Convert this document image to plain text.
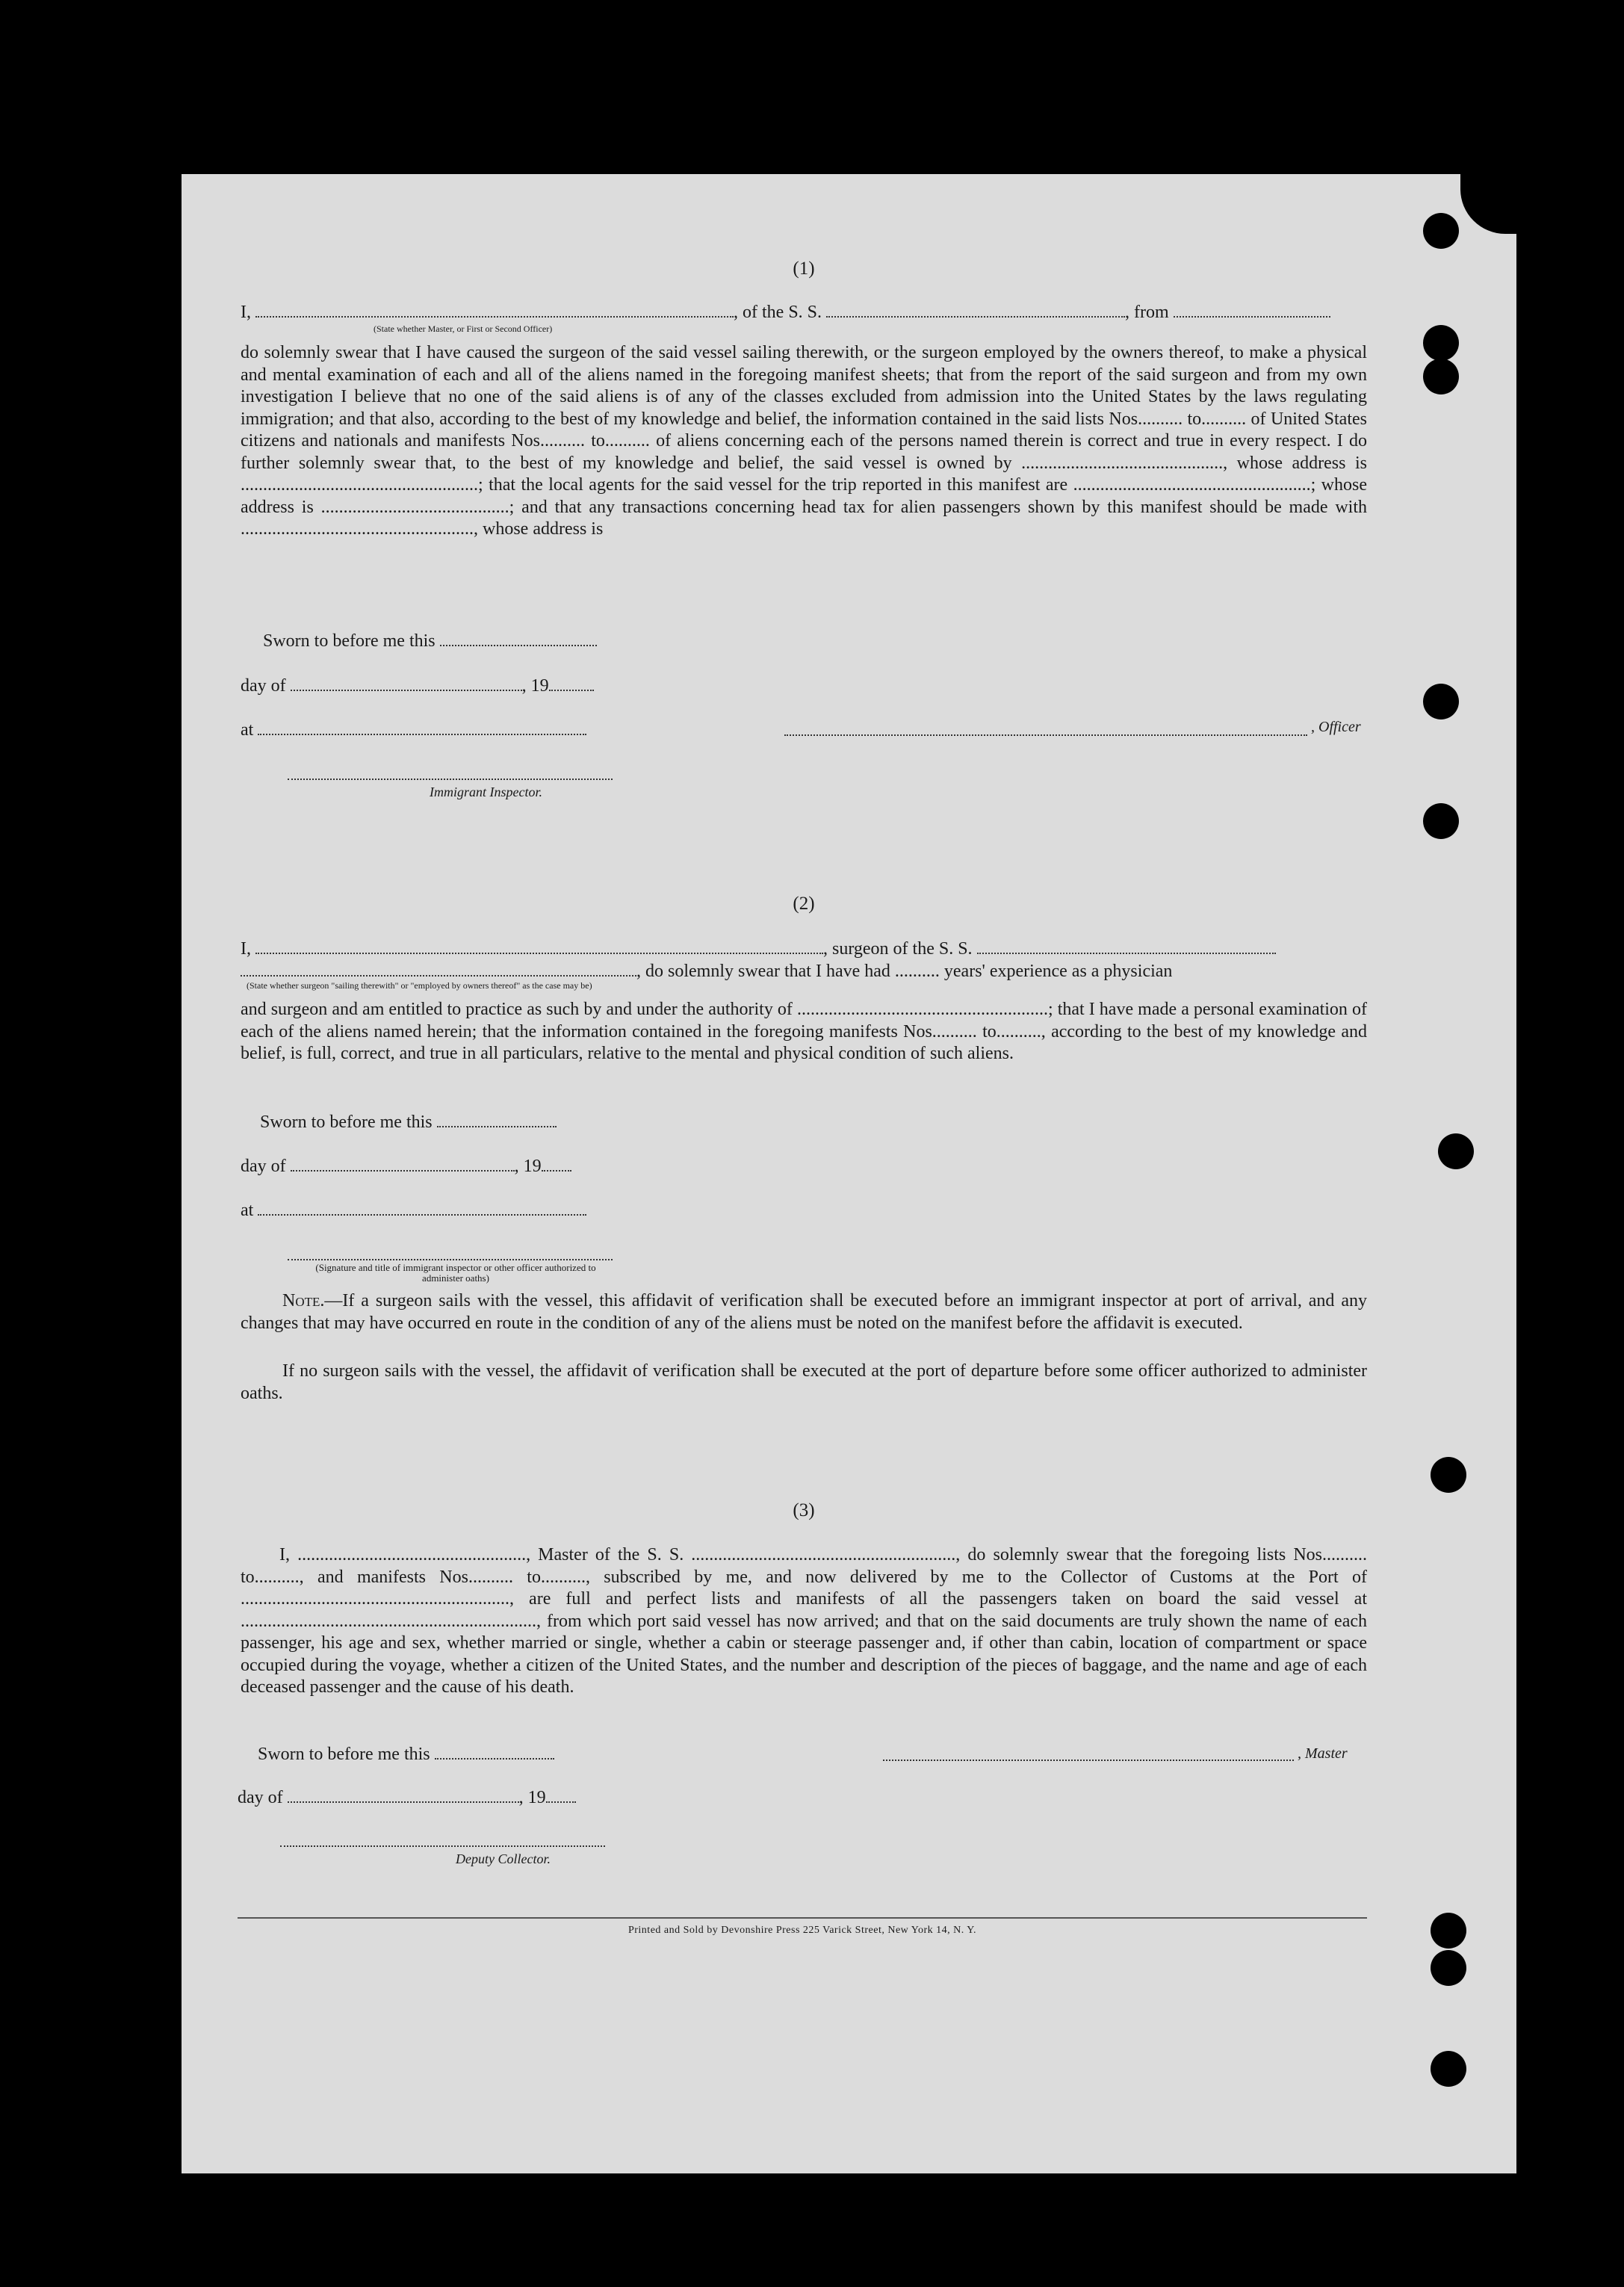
(1)
I,	, of the S. S.	, from
(State whether Master, or First or Second Officer)
do solemnly swear that I have caused the surgeon of the said vessel sailing therewith, or the surgeon employed by the owners thereof, to make a physical and mental examination of each and all of the aliens named in the foregoing manifest sheets; that from the report of the said surgeon and from my own investigation I believe that no one of the said aliens is of any of the classes excluded from admission into the United States by the laws regulating immigration; and that also, according to the best of my knowledge and belief, the information contained in the said lists Nos.......... to.......... of United States citizens and nationals and manifests Nos.......... to.......... of aliens concerning each of the persons named therein is correct and true in every respect. I do further solemnly swear that, to the best of my knowledge and belief, the said vessel is owned by ............................................., whose address is .....................................................; that the local agents for the said vessel for the trip reported in this manifest are .....................................................; whose address is ..........................................; and that any transactions concerning head tax for alien passengers shown by this manifest should be made with ...................................................., whose address is
Sworn to before me this
day of	, 19
at	, Officer
Immigrant Inspector.
(2)
I,	, surgeon of the S. S.
, do solemnly swear that I have had .......... years' experience as a physician
(State whether surgeon "sailing therewith" or "employed by owners thereof" as the case may be)
and surgeon and am entitled to practice as such by and under the authority of ........................................................; that I have made a personal examination of each of the aliens named herein; that the information contained in the foregoing manifests Nos.......... to.........., according to the best of my knowledge and belief, is full, correct, and true in all particulars, relative to the mental and physical condition of such aliens.
Sworn to before me this
day of	, 19
at
(Signature and title of immigrant inspector or other officer authorized to administer oaths)
Note.—If a surgeon sails with the vessel, this affidavit of verification shall be executed before an immigrant inspector at port of arrival, and any changes that may have occurred en route in the condition of any of the aliens must be noted on the manifest before the affidavit is executed.
If no surgeon sails with the vessel, the affidavit of verification shall be executed at the port of departure before some officer authorized to administer oaths.
(3)
I, ..................................................., Master of the S. S. ..........................................................., do solemnly swear that the foregoing lists Nos.......... to.........., and manifests Nos.......... to.........., subscribed by me, and now delivered by me to the Collector of Customs at the Port of ............................................................, are full and perfect lists and manifests of all the passengers taken on board the said vessel at .................................................................., from which port said vessel has now arrived; and that on the said documents are truly shown the name of each passenger, his age and sex, whether married or single, whether a cabin or steerage passenger and, if other than cabin, location of compartment or space occupied during the voyage, whether a citizen of the United States, and the number and description of the pieces of baggage, and the name and age of each deceased passenger and the cause of his death.
Sworn to before me this	, Master
day of	, 19
Deputy Collector.
Printed and Sold by Devonshire Press 225 Varick Street, New York 14, N. Y.
